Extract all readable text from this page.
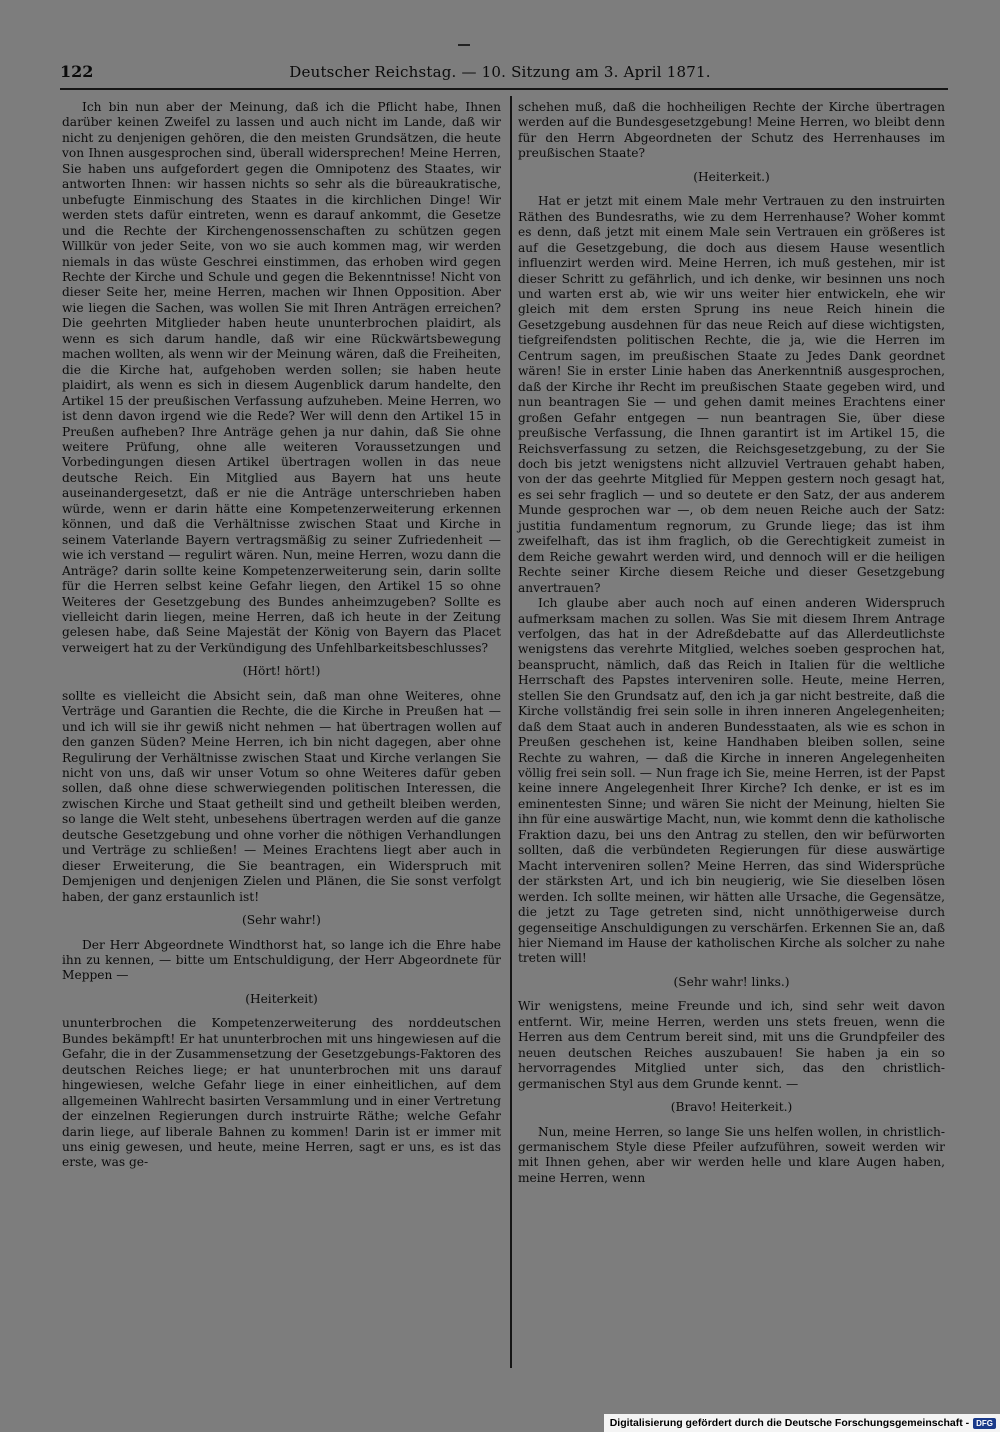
122	Deutscher Reichstag. — 10. Sitzung am 3. April 1871.

Ich bin nun aber der Meinung, daß ich die Pflicht habe, Ihnen darüber keinen Zweifel zu lassen und auch nicht im Lande, daß wir nicht zu denjenigen gehören, die den meisten Grundsätzen, die heute von Ihnen ausgesprochen sind, überall widersprechen! Meine Herren, Sie haben uns aufgefordert gegen die Omnipotenz des Staates, wir antworten Ihnen: wir hassen nichts so sehr als die büreaukratische, unbefugte Einmischung des Staates in die kirchlichen Dinge! Wir werden stets dafür eintreten, wenn es darauf ankommt, die Gesetze und die Rechte der Kirchengenossenschaften zu schützen gegen Willkür von jeder Seite, von wo sie auch kommen mag, wir werden niemals in das wüste Geschrei einstimmen, das erhoben wird gegen Rechte der Kirche und Schule und gegen die Bekenntnisse! Nicht von dieser Seite her, meine Herren, machen wir Ihnen Opposition. Aber wie liegen die Sachen, was wollen Sie mit Ihren Anträgen erreichen? Die geehrten Mitglieder haben heute ununterbrochen plaidirt, als wenn es sich darum handle, daß wir eine Rückwärtsbewegung machen wollten, als wenn wir der Meinung wären, daß die Freiheiten, die die Kirche hat, aufgehoben werden sollen; sie haben heute plaidirt, als wenn es sich in diesem Augenblick darum handelte, den Artikel 15 der preußischen Verfassung aufzuheben. Meine Herren, wo ist denn davon irgend wie die Rede? Wer will denn den Artikel 15 in Preußen aufheben? Ihre Anträge gehen ja nur dahin, daß Sie ohne weitere Prüfung, ohne alle weiteren Voraussetzungen und Vorbedingungen diesen Artikel übertragen wollen in das neue deutsche Reich. Ein Mitglied aus Bayern hat uns heute auseinandergesetzt, daß er nie die Anträge unterschrieben haben würde, wenn er darin hätte eine Kompetenzerweiterung erkennen können, und daß die Verhältnisse zwischen Staat und Kirche in seinem Vaterlande Bayern vertragsmäßig zu seiner Zufriedenheit — wie ich verstand — regulirt wären. Nun, meine Herren, wozu dann die Anträge? darin sollte keine Kompetenzerweiterung sein, darin sollte für die Herren selbst keine Gefahr liegen, den Artikel 15 so ohne Weiteres der Gesetzgebung des Bundes anheimzugeben? Sollte es vielleicht darin liegen, meine Herren, daß ich heute in der Zeitung gelesen habe, daß Seine Majestät der König von Bayern das Placet verweigert hat zu der Verkündigung des Unfehlbarkeitsbeschlusses?

(Hört! hört!)

sollte es vielleicht die Absicht sein, daß man ohne Weiteres, ohne Verträge und Garantien die Rechte, die die Kirche in Preußen hat — und ich will sie ihr gewiß nicht nehmen — hat übertragen wollen auf den ganzen Süden? Meine Herren, ich bin nicht dagegen, aber ohne Regulirung der Verhältnisse zwischen Staat und Kirche verlangen Sie nicht von uns, daß wir unser Votum so ohne Weiteres dafür geben sollen, daß ohne diese schwerwiegenden politischen Interessen, die zwischen Kirche und Staat getheilt sind und getheilt bleiben werden, so lange die Welt steht, unbesehens übertragen werden auf die ganze deutsche Gesetzgebung und ohne vorher die nöthigen Verhandlungen und Verträge zu schließen! — Meines Erachtens liegt aber auch in dieser Erweiterung, die Sie beantragen, ein Widerspruch mit Demjenigen und denjenigen Zielen und Plänen, die Sie sonst verfolgt haben, der ganz erstaunlich ist!

(Sehr wahr!)

Der Herr Abgeordnete Windthorst hat, so lange ich die Ehre habe ihn zu kennen, — bitte um Entschuldigung, der Herr Abgeordnete für Meppen —

(Heiterkeit)

ununterbrochen die Kompetenzerweiterung des norddeutschen Bundes bekämpft! Er hat ununterbrochen mit uns hingewiesen auf die Gefahr, die in der Zusammensetzung der Gesetzgebungs-Faktoren des deutschen Reiches liege; er hat ununterbrochen mit uns darauf hingewiesen, welche Gefahr liege in einer einheitlichen, auf dem allgemeinen Wahlrecht basirten Versammlung und in einer Vertretung der einzelnen Regierungen durch instruirte Räthe; welche Gefahr darin liege, auf liberale Bahnen zu kommen! Darin ist er immer mit uns einig gewesen, und heute, meine Herren, sagt er uns, es ist das erste, was ge-

schehen muß, daß die hochheiligen Rechte der Kirche übertragen werden auf die Bundesgesetzgebung! Meine Herren, wo bleibt denn für den Herrn Abgeordneten der Schutz des Herrenhauses im preußischen Staate?

(Heiterkeit.)

Hat er jetzt mit einem Male mehr Vertrauen zu den instruirten Räthen des Bundesraths, wie zu dem Herrenhause? Woher kommt es denn, daß jetzt mit einem Male sein Vertrauen ein größeres ist auf die Gesetzgebung, die doch aus diesem Hause wesentlich influenzirt werden wird. Meine Herren, ich muß gestehen, mir ist dieser Schritt zu gefährlich, und ich denke, wir besinnen uns noch und warten erst ab, wie wir uns weiter hier entwickeln, ehe wir gleich mit dem ersten Sprung ins neue Reich hinein die Gesetzgebung ausdehnen für das neue Reich auf diese wichtigsten, tiefgreifendsten politischen Rechte, die ja, wie die Herren im Centrum sagen, im preußischen Staate zu Jedes Dank geordnet wären! Sie in erster Linie haben das Anerkenntniß ausgesprochen, daß der Kirche ihr Recht im preußischen Staate gegeben wird, und nun beantragen Sie — und gehen damit meines Erachtens einer großen Gefahr entgegen — nun beantragen Sie, über diese preußische Verfassung, die Ihnen garantirt ist im Artikel 15, die Reichsverfassung zu setzen, die Reichsgesetzgebung, zu der Sie doch bis jetzt wenigstens nicht allzuviel Vertrauen gehabt haben, von der das geehrte Mitglied für Meppen gestern noch gesagt hat, es sei sehr fraglich — und so deutete er den Satz, der aus anderem Munde gesprochen war —, ob dem neuen Reiche auch der Satz: justitia fundamentum regnorum, zu Grunde liege; das ist ihm zweifelhaft, das ist ihm fraglich, ob die Gerechtigkeit zumeist in dem Reiche gewahrt werden wird, und dennoch will er die heiligen Rechte seiner Kirche diesem Reiche und dieser Gesetzgebung anvertrauen?

Ich glaube aber auch noch auf einen anderen Widerspruch aufmerksam machen zu sollen. Was Sie mit diesem Ihrem Antrage verfolgen, das hat in der Adreßdebatte auf das Allerdeutlichste wenigstens das verehrte Mitglied, welches soeben gesprochen hat, beansprucht, nämlich, daß das Reich in Italien für die weltliche Herrschaft des Papstes interveniren solle. Heute, meine Herren, stellen Sie den Grundsatz auf, den ich ja gar nicht bestreite, daß die Kirche vollständig frei sein solle in ihren inneren Angelegenheiten; daß dem Staat auch in anderen Bundesstaaten, als wie es schon in Preußen geschehen ist, keine Handhaben bleiben sollen, seine Rechte zu wahren, — daß die Kirche in inneren Angelegenheiten völlig frei sein soll. — Nun frage ich Sie, meine Herren, ist der Papst keine innere Angelegenheit Ihrer Kirche? Ich denke, er ist es im eminentesten Sinne; und wären Sie nicht der Meinung, hielten Sie ihn für eine auswärtige Macht, nun, wie kommt denn die katholische Fraktion dazu, bei uns den Antrag zu stellen, den wir befürworten sollten, daß die verbündeten Regierungen für diese auswärtige Macht interveniren sollen? Meine Herren, das sind Widersprüche der stärksten Art, und ich bin neugierig, wie Sie dieselben lösen werden. Ich sollte meinen, wir hätten alle Ursache, die Gegensätze, die jetzt zu Tage getreten sind, nicht unnöthigerweise durch gegenseitige Anschuldigungen zu verschärfen. Erkennen Sie an, daß hier Niemand im Hause der katholischen Kirche als solcher zu nahe treten will!

(Sehr wahr! links.)

Wir wenigstens, meine Freunde und ich, sind sehr weit davon entfernt. Wir, meine Herren, werden uns stets freuen, wenn die Herren aus dem Centrum bereit sind, mit uns die Grundpfeiler des neuen deutschen Reiches auszubauen! Sie haben ja ein so hervorragendes Mitglied unter sich, das den christlich-germanischen Styl aus dem Grunde kennt. —

(Bravo! Heiterkeit.)

Nun, meine Herren, so lange Sie uns helfen wollen, in christlich-germanischem Style diese Pfeiler aufzuführen, soweit werden wir mit Ihnen gehen, aber wir werden helle und klare Augen haben, meine Herren, wenn

Digitalisierung gefördert durch die Deutsche Forschungsgemeinschaft - DFG
